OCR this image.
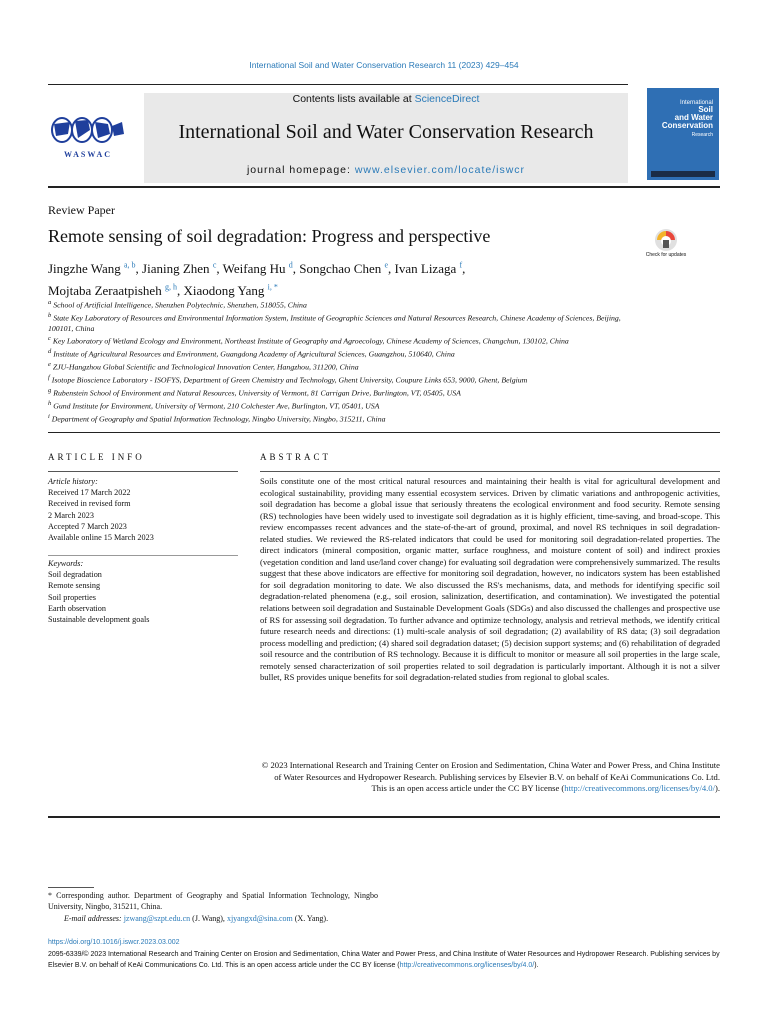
International Soil and Water Conservation Research 11 (2023) 429–454
Contents lists available at ScienceDirect
International Soil and Water Conservation Research
journal homepage: www.elsevier.com/locate/iswcr
WASWAC
International
Soil
and Water
Conservation
Research
Review Paper
Remote sensing of soil degradation: Progress and perspective
Check for updates
Jingzhe Wang $^{a, b}$, Jianing Zhen $^c$, Weifang Hu $^d$, Songchao Chen $^e$, Ivan Lizaga $^f$,
Mojtaba Zeraatpisheh $^{g, h}$, Xiaodong Yang $^{i, *}$
$^a$ School of Artificial Intelligence, Shenzhen Polytechnic, Shenzhen, 518055, China
$^b$ State Key Laboratory of Resources and Environmental Information System, Institute of Geographic Sciences and Natural Resources Research, Chinese Academy of Sciences, Beijing, 100101, China
$^c$ Key Laboratory of Wetland Ecology and Environment, Northeast Institute of Geography and Agroecology, Chinese Academy of Sciences, Changchun, 130102, China
$^d$ Institute of Agricultural Resources and Environment, Guangdong Academy of Agricultural Sciences, Guangzhou, 510640, China
$^e$ ZJU-Hangzhou Global Scientific and Technological Innovation Center, Hangzhou, 311200, China
$^f$ Isotope Bioscience Laboratory - ISOFYS, Department of Green Chemistry and Technology, Ghent University, Coupure Links 653, 9000, Ghent, Belgium
$^g$ Rubenstein School of Environment and Natural Resources, University of Vermont, 81 Carrigan Drive, Burlington, VT, 05405, USA
$^h$ Gund Institute for Environment, University of Vermont, 210 Colchester Ave, Burlington, VT, 05401, USA
$^i$ Department of Geography and Spatial Information Technology, Ningbo University, Ningbo, 315211, China
ARTICLE INFO
Article history:
Received 17 March 2022
Received in revised form
2 March 2023
Accepted 7 March 2023
Available online 15 March 2023
Keywords:
Soil degradation
Remote sensing
Soil properties
Earth observation
Sustainable development goals
ABSTRACT
Soils constitute one of the most critical natural resources and maintaining their health is vital for agricultural development and ecological sustainability, providing many essential ecosystem services. Driven by climatic variations and anthropogenic activities, soil degradation has become a global issue that seriously threatens the ecological environment and food security. Remote sensing (RS) technologies have been widely used to investigate soil degradation as it is highly efficient, time-saving, and broad-scope. This review encompasses recent advances and the state-of-the-art of ground, proximal, and novel RS techniques in soil degradation-related studies. We reviewed the RS-related indicators that could be used for monitoring soil degradation-related properties. The direct indicators (mineral composition, organic matter, surface roughness, and moisture content of soil) and indirect proxies (vegetation condition and land use/land cover change) for evaluating soil degradation were comprehensively summarized. The results suggest that these above indicators are effective for monitoring soil degradation, however, no indicators system has been established for soil degradation monitoring to date. We also discussed the RS's mechanisms, data, and methods for identifying specific soil degradation-related phenomena (e.g., soil erosion, salinization, desertification, and contamination). We investigated the potential relations between soil degradation and Sustainable Development Goals (SDGs) and also discussed the challenges and prospective use of RS for assessing soil degradation. To further advance and optimize technology, analysis and retrieval methods, we identify critical future research needs and directions: (1) multi-scale analysis of soil degradation; (2) availability of RS data; (3) soil degradation process modelling and prediction; (4) shared soil degradation dataset; (5) decision support systems; and (6) rehabilitation of degraded soil resource and the contribution of RS technology. Because it is difficult to monitor or measure all soil properties in the large scale, remotely sensed characterization of soil properties related to soil degradation is particularly important. Although it is not a silver bullet, RS provides unique benefits for soil degradation-related studies from regional to global scales.
© 2023 International Research and Training Center on Erosion and Sedimentation, China Water and Power Press, and China Institute of Water Resources and Hydropower Research. Publishing services by Elsevier B.V. on behalf of KeAi Communications Co. Ltd. This is an open access article under the CC BY license (http://creativecommons.org/licenses/by/4.0/).
* Corresponding author. Department of Geography and Spatial Information Technology, Ningbo University, Ningbo, 315211, China.
E-mail addresses: jzwang@szpt.edu.cn (J. Wang), xjyangxd@sina.com (X. Yang).
https://doi.org/10.1016/j.iswcr.2023.03.002
2095-6339/© 2023 International Research and Training Center on Erosion and Sedimentation, China Water and Power Press, and China Institute of Water Resources and Hydropower Research. Publishing services by Elsevier B.V. on behalf of KeAi Communications Co. Ltd. This is an open access article under the CC BY license (http://creativecommons.org/licenses/by/4.0/).
